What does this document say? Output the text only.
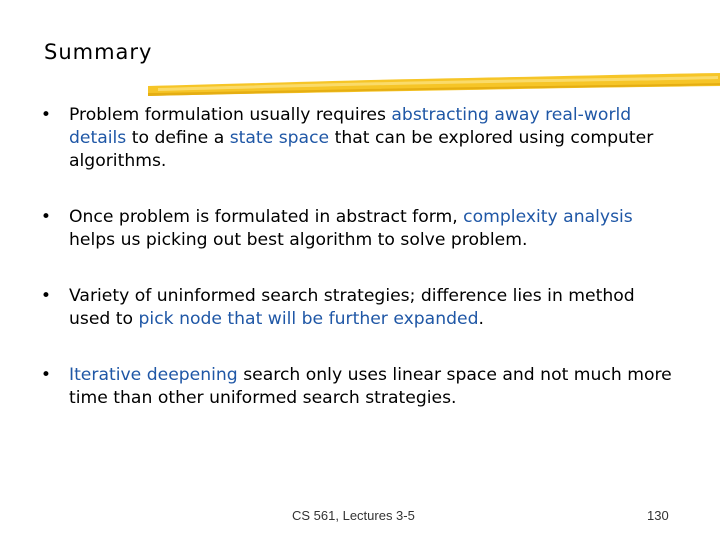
Summary
• Problem formulation usually requires abstracting away real-world details to define a state space that can be explored using computer algorithms.
• Once problem is formulated in abstract form, complexity analysis helps us picking out best algorithm to solve problem.
• Variety of uninformed search strategies; difference lies in method used to pick node that will be further expanded.
• Iterative deepening search only uses linear space and not much more time than other uniformed search strategies.
CS 561, Lectures 3-5	130
